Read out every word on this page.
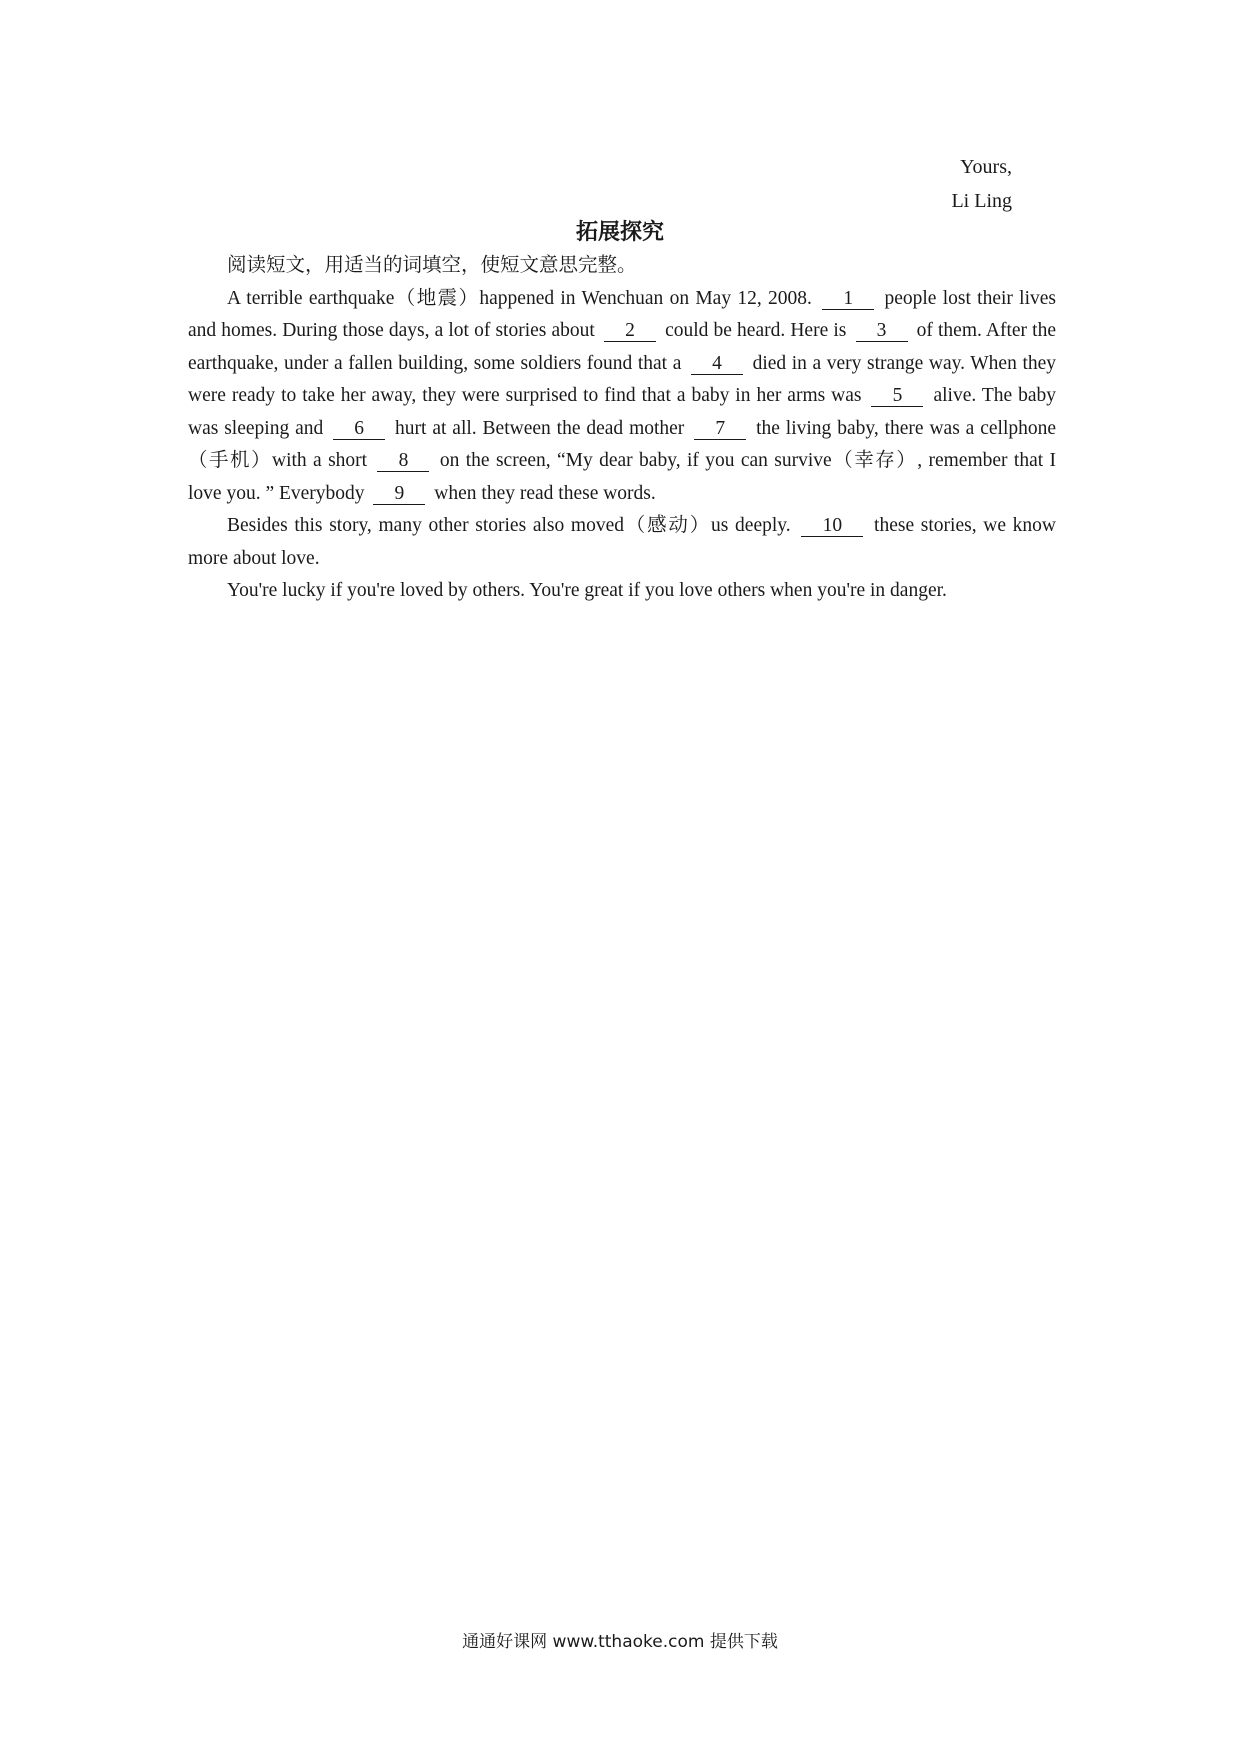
Yours,
Li Ling
拓展探究

阅读短文，用适当的词填空，使短文意思完整。

A terrible earthquake（地震）happened in Wenchuan on May 12, 2008. 1 people lost their lives and homes. During those days, a lot of stories about 2 could be heard. Here is 3 of them. After the earthquake, under a fallen building, some soldiers found that a 4 died in a very strange way. When they were ready to take her away, they were surprised to find that a baby in her arms was 5 alive. The baby was sleeping and 6 hurt at all. Between the dead mother 7 the living baby, there was a cellphone（手机）with a short 8 on the screen, “My dear baby, if you can survive（幸存）, remember that I love you. ” Everybody 9 when they read these words.

Besides this story, many other stories also moved（感动）us deeply. 10 these stories, we know more about love.

You're lucky if you're loved by others. You're great if you love others when you're in danger.

通通好课网 www.tthaoke.com 提供下载
